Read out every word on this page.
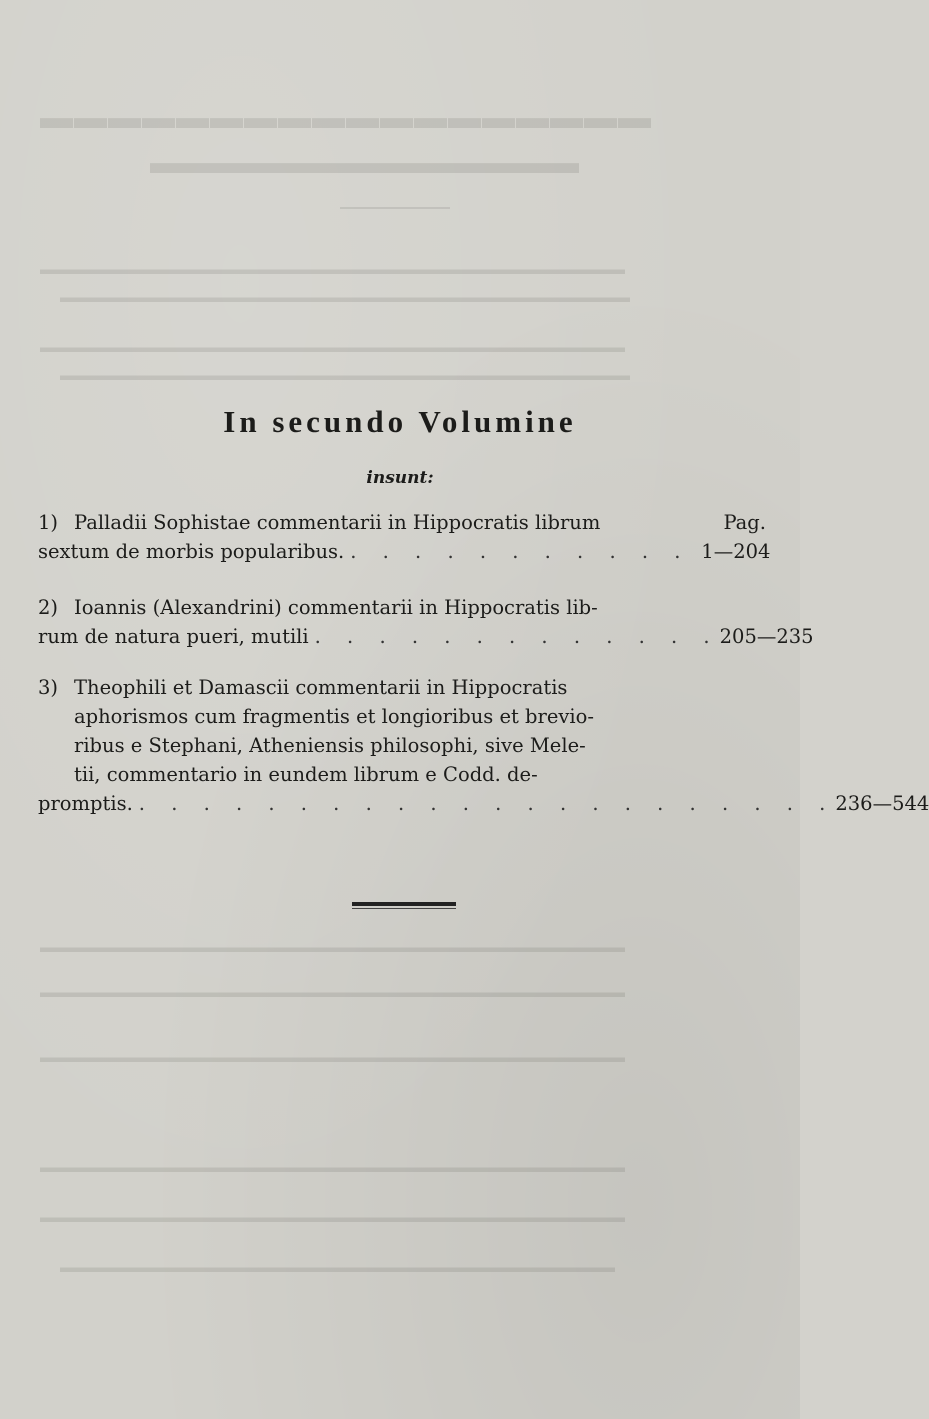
▬▬▬▬▬▬▬▬▬▬▬▬▬▬▬▬▬▬
▬▬▬▬▬▬▬▬▬▬▬▬▬
▬▬▬▬▬▬▬▬▬▬▬▬▬▬▬▬▬▬▬▬▬▬▬▬▬▬▬▬▬▬▬▬▬▬▬▬▬▬▬
▬▬▬▬▬▬▬▬▬▬▬▬▬▬▬▬▬▬▬▬▬▬▬▬▬▬▬▬▬▬▬▬▬▬▬▬▬▬
▬▬▬▬▬▬▬▬▬▬▬▬▬▬▬▬▬▬▬▬▬▬▬▬▬▬▬▬▬▬▬▬▬▬▬▬▬▬▬
▬▬▬▬▬▬▬▬▬▬▬▬▬▬▬▬▬▬▬▬▬▬▬▬▬▬▬▬▬▬▬▬▬▬▬▬▬▬
▬▬▬▬▬▬▬▬▬▬▬▬▬▬▬▬▬▬▬▬▬▬▬▬▬▬▬▬▬▬▬▬▬▬▬▬▬▬▬
▬▬▬▬▬▬▬▬▬▬▬▬▬▬▬▬▬▬▬▬▬▬▬▬▬▬▬▬▬▬▬▬▬▬▬▬▬▬▬
▬▬▬▬▬▬▬▬▬▬▬▬▬▬▬▬▬▬▬▬▬▬▬▬▬▬▬▬▬▬▬▬▬▬▬▬▬▬▬
▬▬▬▬▬▬▬▬▬▬▬▬▬▬▬▬▬▬▬▬▬▬▬▬▬▬▬▬▬▬▬▬▬▬▬▬▬▬▬
▬▬▬▬▬▬▬▬▬▬▬▬▬▬▬▬▬▬▬▬▬▬▬▬▬▬▬▬▬▬▬▬▬▬▬▬▬▬▬
▬▬▬▬▬▬▬▬▬▬▬▬▬▬▬▬▬▬▬▬▬▬▬▬▬▬▬▬▬▬▬▬▬▬▬▬▬
In secundo Volumine
insunt:
1) Palladii Sophistae commentarii in Hippocratis librum	Pag.
sextum de morbis popularibus. . . . . . . . . . . . 1—204
2) Ioannis (Alexandrini) commentarii in Hippocratis lib-
rum de natura pueri, mutili . . . . . . . . . . . . . 205—235
3) Theophili et Damascii commentarii in Hippocratis
aphorismos cum fragmentis et longioribus et brevio-
ribus e Stephani, Atheniensis philosophi, sive Mele-
tii, commentario in eundem librum e Codd. de-
promptis. . . . . . . . . . . . . . . . . . . . . . . 236—544
